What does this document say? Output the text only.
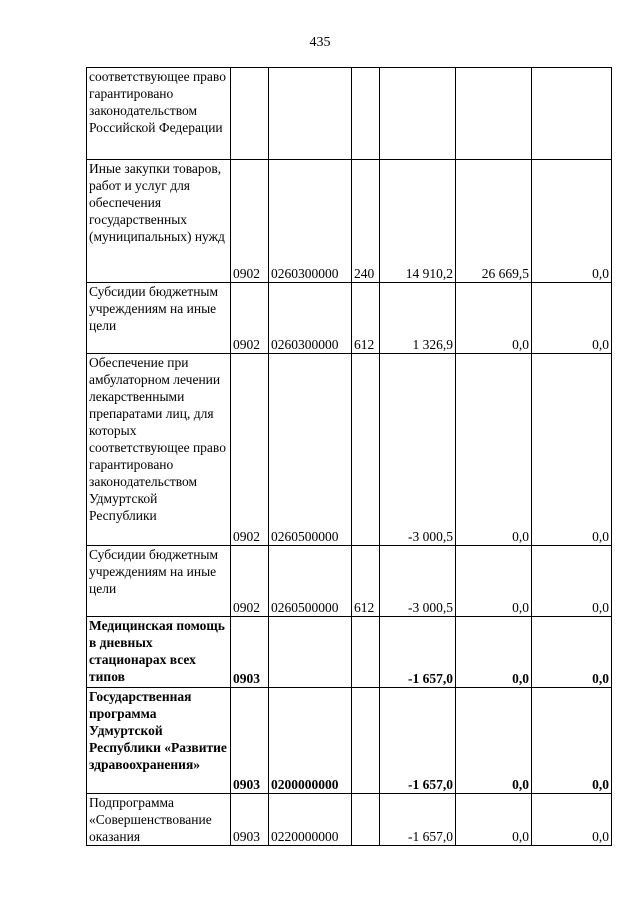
435
соответствующее право гарантировано законодательством Российской Федерации						
Иные закупки товаров, работ и услуг для обеспечения государственных (муниципальных) нужд	0902	0260300000	240	14 910,2	26 669,5	0,0
Субсидии бюджетным учреждениям на иные цели	0902	0260300000	612	1 326,9	0,0	0,0
Обеспечение при амбулаторном лечении лекарственными препаратами лиц, для которых соответствующее право гарантировано законодательством Удмуртской Республики	0902	0260500000		-3 000,5	0,0	0,0
Субсидии бюджетным учреждениям на иные цели	0902	0260500000	612	-3 000,5	0,0	0,0
Медицинская помощь в дневных стационарах всех типов	0903			-1 657,0	0,0	0,0
Государственная программа Удмуртской Республики «Развитие здравоохранения»	0903	0200000000		-1 657,0	0,0	0,0
Подпрограмма «Совершенствование оказания	0903	0220000000		-1 657,0	0,0	0,0
